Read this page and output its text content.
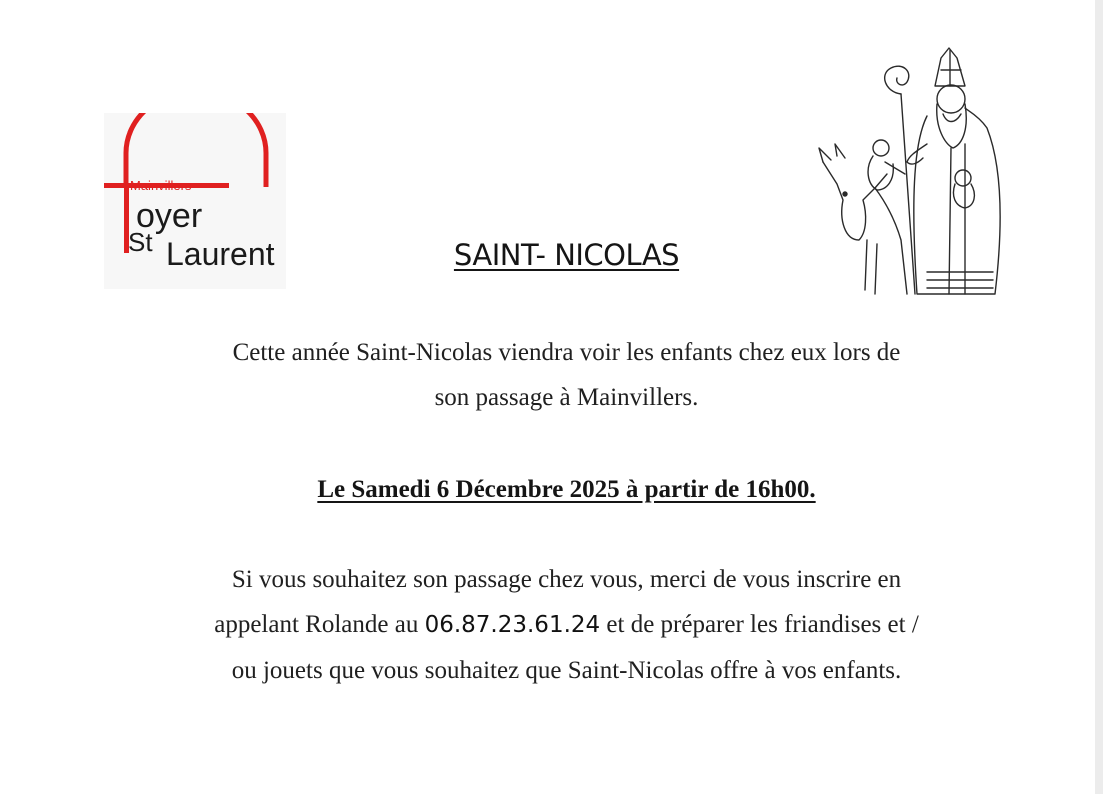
Mainvillers
oyer
St Laurent	SAINT- NICOLAS
Cette année Saint-Nicolas viendra voir les enfants chez eux lors de
son passage à Mainvillers.
Le Samedi 6 Décembre 2025 à partir de 16h00.
Si vous souhaitez son passage chez vous, merci de vous inscrire en
appelant Rolande au 06.87.23.61.24 et de préparer les friandises et /
ou jouets que vous souhaitez que Saint-Nicolas offre à vos enfants.
